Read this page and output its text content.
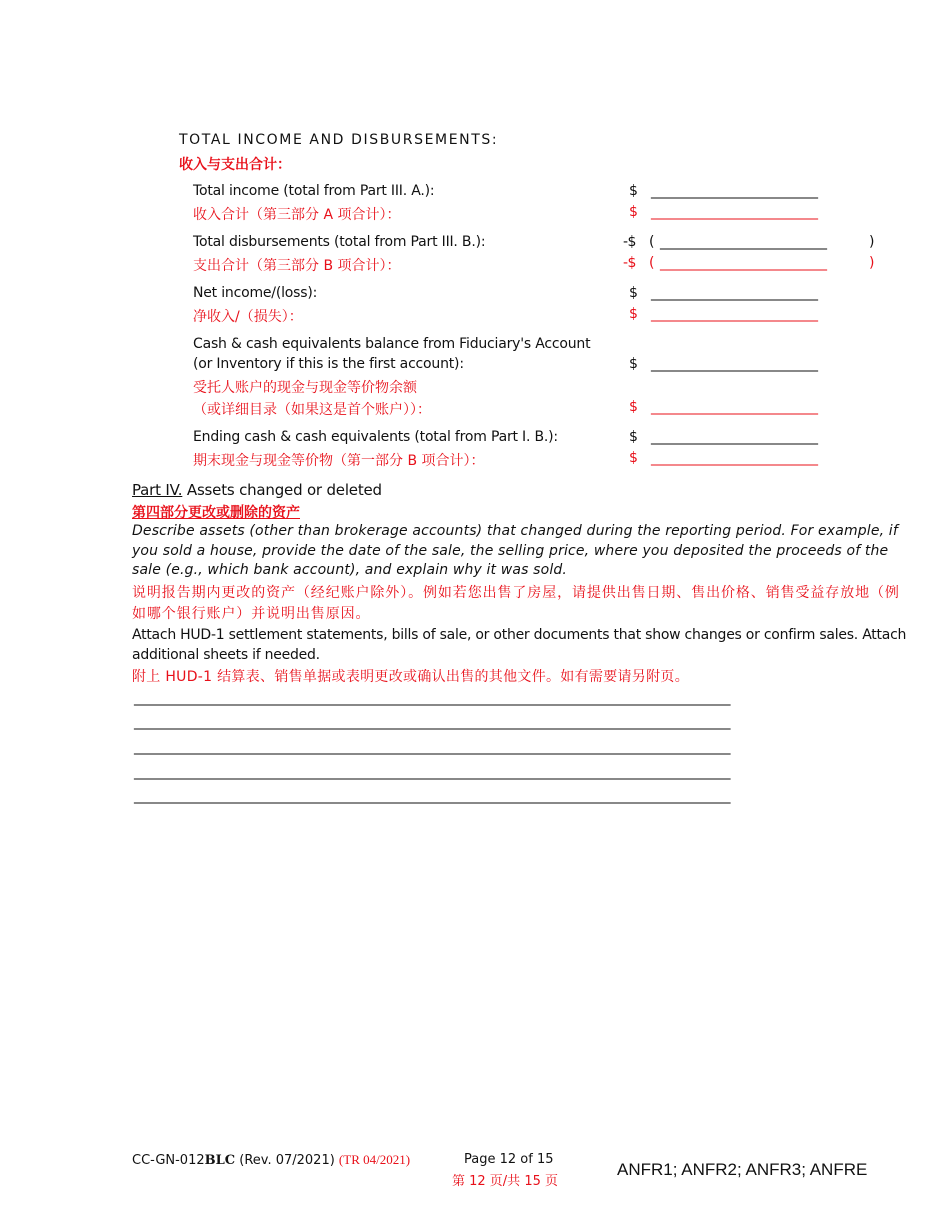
TOTAL INCOME AND DISBURSEMENTS:
收入与支出合计：
Total income (total from Part III. A.):	$ __________________________
收入合计（第三部分 A 项合计）：	$ __________________________
Total disbursements (total from Part III. B.):	-$ ( __________________________	)
支出合计（第三部分 B 项合计）：	-$ ( __________________________	)
Net income/(loss):	$ __________________________
净收入/（损失）：	$ __________________________
Cash & cash equivalents balance from Fiduciary's Account
(or Inventory if this is the first account):	$ __________________________
受托人账户的现金与现金等价物余额
（或详细目录（如果这是首个账户））：	$ __________________________
Ending cash & cash equivalents (total from Part I. B.):	$ __________________________
期末现金与现金等价物（第一部分 B 项合计）：	$ __________________________
Part IV. Assets changed or deleted
第四部分更改或删除的资产
Describe assets (other than brokerage accounts) that changed during the reporting period. For example, if you sold a house, provide the date of the sale, the selling price, where you deposited the proceeds of the sale (e.g., which bank account), and explain why it was sold.
说明报告期内更改的资产（经纪账户除外）。例如若您出售了房屋，请提供出售日期、售出价格、销售受益存放地（例如哪个银行账户）并说明出售原因。
Attach HUD-1 settlement statements, bills of sale, or other documents that show changes or confirm sales. Attach additional sheets if needed.
附上 HUD-1 结算表、销售单据或表明更改或确认出售的其他文件。如有需要请另附页。
___________________________________________________________________________________________
___________________________________________________________________________________________
___________________________________________________________________________________________
___________________________________________________________________________________________
___________________________________________________________________________________________
CC-GN-012BLC (Rev. 07/2021) (TR 04/2021)	Page 12 of 15
第 12 页/共 15 页
ANFR1; ANFR2; ANFR3; ANFRE
